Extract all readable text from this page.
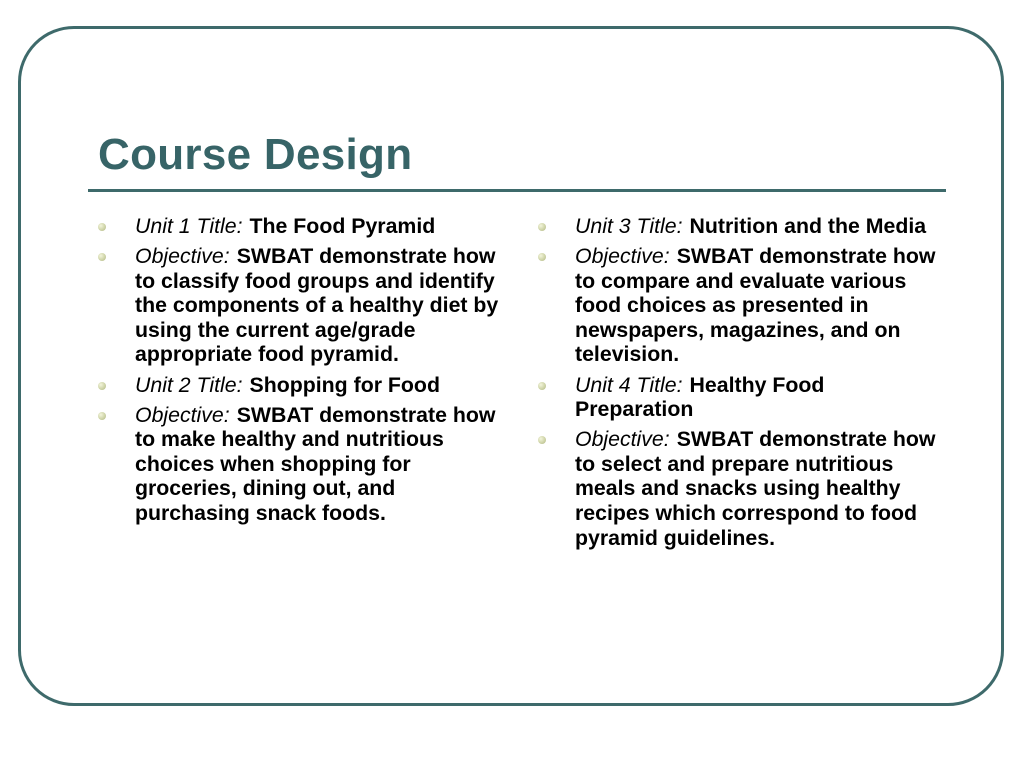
Course Design
Unit 1 Title: The Food Pyramid
Objective: SWBAT demonstrate how to classify food groups and identify the components of a healthy diet by using the current age/grade appropriate food pyramid.
Unit 2 Title: Shopping for Food
Objective: SWBAT demonstrate how to make healthy and nutritious choices when shopping for groceries, dining out, and purchasing snack foods.
Unit 3 Title: Nutrition and the Media
Objective: SWBAT demonstrate how to compare and evaluate various food choices as presented in newspapers, magazines, and on television.
Unit 4 Title: Healthy Food Preparation
Objective: SWBAT demonstrate how to select and prepare nutritious meals and snacks using healthy recipes which correspond to food pyramid guidelines.
